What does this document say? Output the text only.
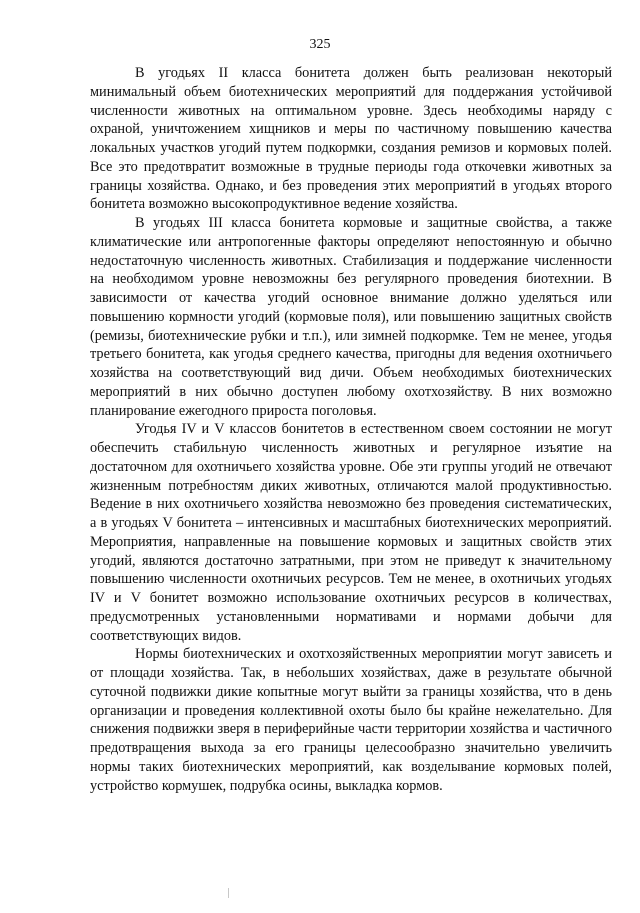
325

В угодьях II класса бонитета должен быть реализован некоторый минимальный объем биотехнических мероприятий для поддержания устойчивой численности животных на оптимальном уровне. Здесь необходимы наряду с охраной, уничтожением хищников и меры по частичному повышению качества локальных участков угодий путем подкормки, создания ремизов и кормовых полей. Все это предотвратит возможные в трудные периоды года откочевки животных за границы хозяйства. Однако, и без проведения этих мероприятий в угодьях второго бонитета возможно высокопродуктивное ведение хозяйства.

В угодьях III класса бонитета кормовые и защитные свойства, а также климатические или антропогенные факторы определяют непостоянную и обычно недостаточную численность животных. Стабилизация и поддержание численности на необходимом уровне невозможны без регулярного проведения биотехнии. В зависимости от качества угодий основное внимание должно уделяться или повышению кормности угодий (кормовые поля), или повышению защитных свойств (ремизы, биотехнические рубки и т.п.), или зимней подкормке. Тем не менее, угодья третьего бонитета, как угодья среднего качества, пригодны для ведения охотничьего хозяйства на соответствующий вид дичи. Объем необходимых биотехнических мероприятий в них обычно доступен любому охотхозяйству. В них возможно планирование ежегодного прироста поголовья.

Угодья IV и V классов бонитетов в естественном своем состоянии не могут обеспечить стабильную численность животных и регулярное изъятие на достаточном для охотничьего хозяйства уровне. Обе эти группы угодий не отвечают жизненным потребностям диких животных, отличаются малой продуктивностью. Ведение в них охотничьего хозяйства невозможно без проведения систематических, а в угодьях V бонитета – интенсивных и масштабных биотехнических мероприятий. Мероприятия, направленные на повышение кормовых и защитных свойств этих угодий, являются достаточно затратными, при этом не приведут к значительному повышению численности охотничьих ресурсов. Тем не менее, в охотничьих угодьях IV и V бонитет возможно использование охотничьих ресурсов в количествах, предусмотренных установленными нормативами и нормами добычи для соответствующих видов.

Нормы биотехнических и охотхозяйственных мероприятии могут зависеть и от площади хозяйства. Так, в небольших хозяйствах, даже в результате обычной суточной подвижки дикие копытные могут выйти за границы хозяйства, что в день организации и проведения коллективной охоты было бы крайне нежелательно. Для снижения подвижки зверя в периферийные части территории хозяйства и частичного предотвращения выхода за его границы целесообразно значительно увеличить нормы таких биотехнических мероприятий, как возделывание кормовых полей, устройство кормушек, подрубка осины, выкладка кормов.
